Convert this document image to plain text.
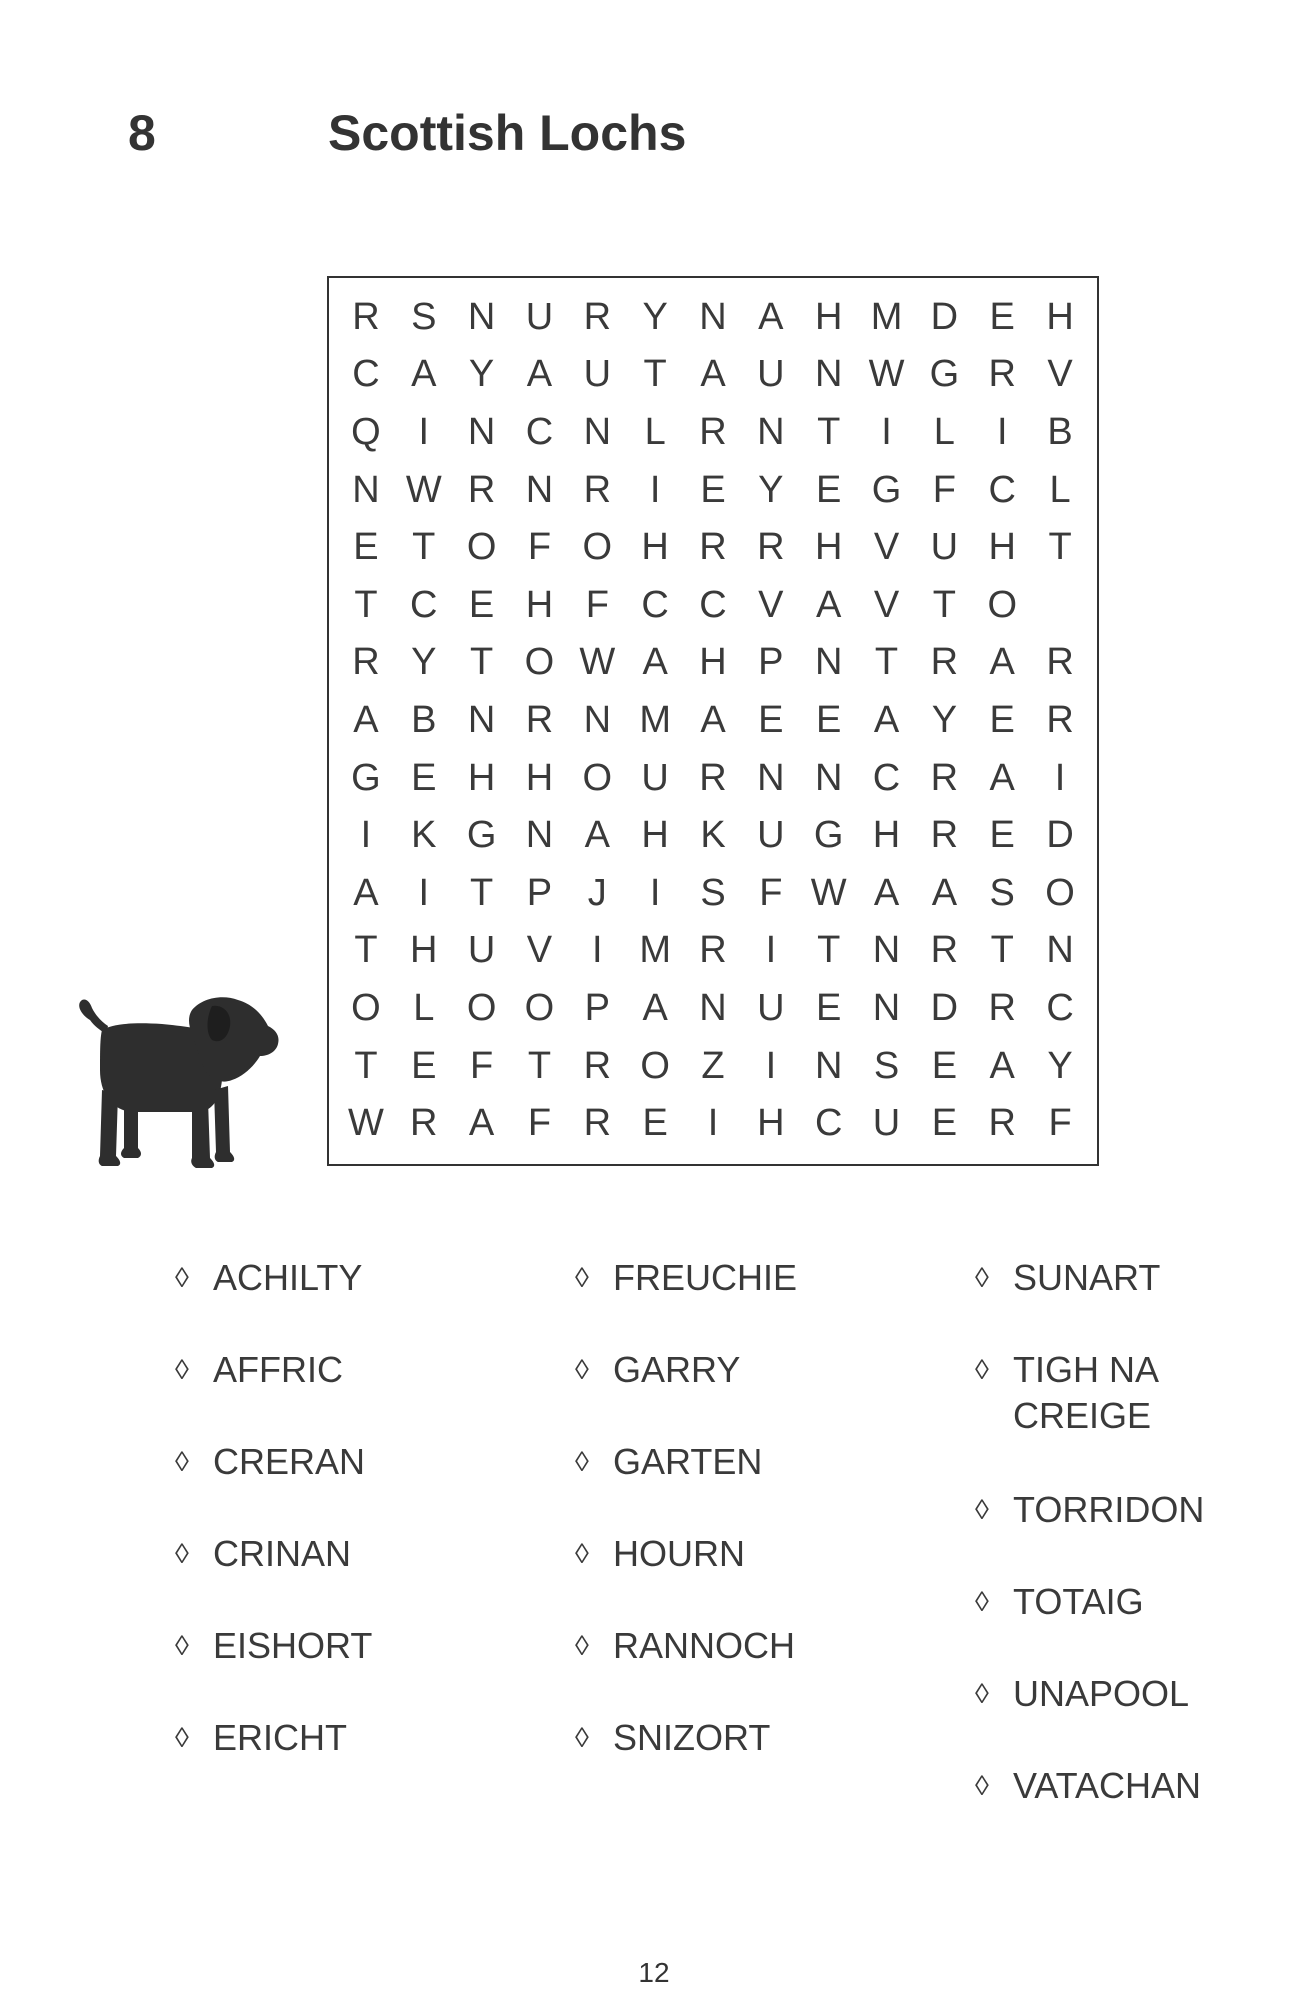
8	Scottish Lochs
R S N U R Y N A H M D E H
C A Y A U T A U N W G R V
Q I	N C N L R N T	I	L	I	B
N W R N R	I	E Y E G F C L
E T O F O H R R H V U H T
T C E H F C C V A V T O
R Y T O W A H P N T R A R
A B N R N M A E E A Y E R
G E H H O U R N N C R A	I
I	K G N A H K U G H R E D
A	I	T P J	I	S F W A A S O
T H U V	I M R	I	T N R T N
O L O O P A N U E N D R C
T E F T R O Z	I	N S E A Y
W R A F R E	I	H C U E R F
◊ ACHILTY
◊ AFFRIC
◊ CRERAN
◊ CRINAN
◊ EISHORT
◊ ERICHT
◊ FREUCHIE
◊ GARRY
◊ GARTEN
◊ HOURN
◊ RANNOCH
◊ SNIZORT
◊ SUNART
◊ TIGH NA CREIGE
◊ TORRIDON
◊ TOTAIG
◊ UNAPOOL
◊ VATACHAN
12
